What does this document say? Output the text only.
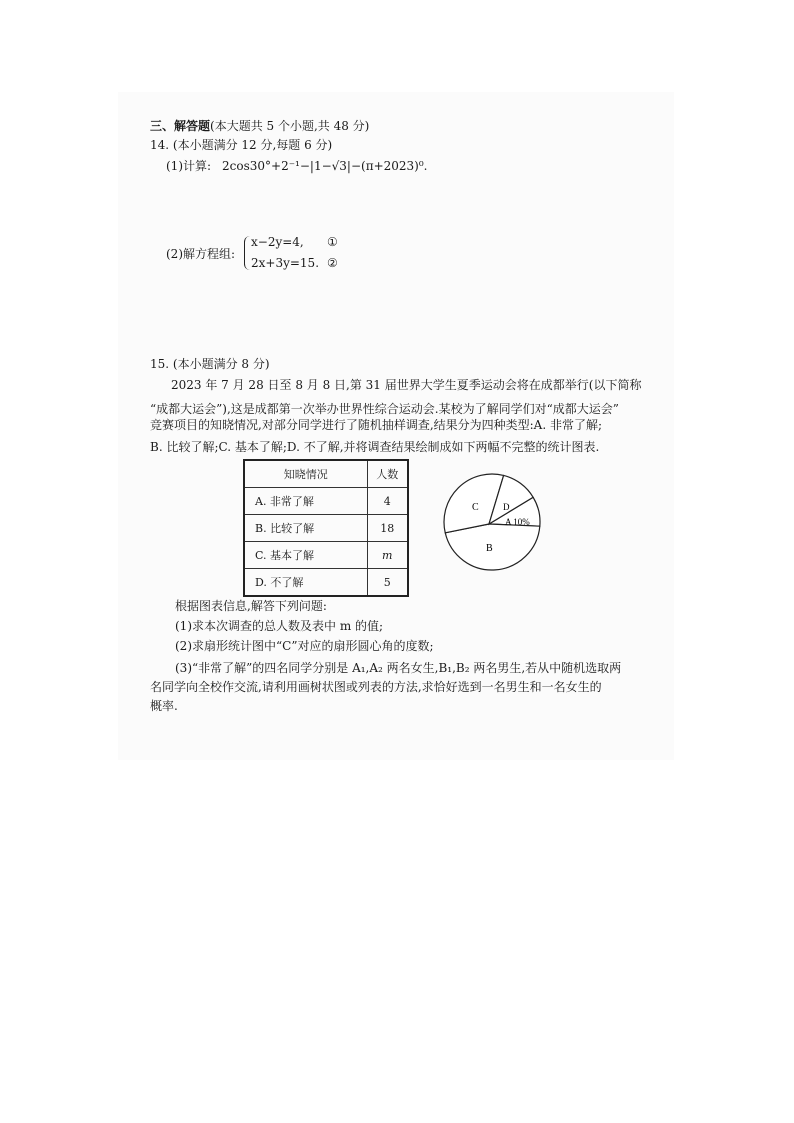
三、解答题(本大题共 5 个小题,共 48 分)
14. (本小题满分 12 分,每题 6 分)
(1)计算: 2cos30°+2⁻¹−|1−√3|−(π+2023)⁰.
(2)解方程组:
x−2y=4, ①
2x+3y=15. ②
15. (本小题满分 8 分)
2023 年 7 月 28 日至 8 月 8 日,第 31 届世界大学生夏季运动会将在成都举行(以下简称
“成都大运会”),这是成都第一次举办世界性综合运动会.某校为了解同学们对“成都大运会”
竞赛项目的知晓情况,对部分同学进行了随机抽样调查,结果分为四种类型:A. 非常了解;
B. 比较了解;C. 基本了解;D. 不了解,并将调查结果绘制成如下两幅不完整的统计图表.
知晓情况	人数
A. 非常了解	4
B. 比较了解	18
C. 基本了解	m
D. 不了解	5
C	D
A 10%
B
根据图表信息,解答下列问题:
(1)求本次调查的总人数及表中 m 的值;
(2)求扇形统计图中“C”对应的扇形圆心角的度数;
(3)“非常了解”的四名同学分别是 A₁,A₂ 两名女生,B₁,B₂ 两名男生,若从中随机选取两
名同学向全校作交流,请利用画树状图或列表的方法,求恰好选到一名男生和一名女生的
概率.
